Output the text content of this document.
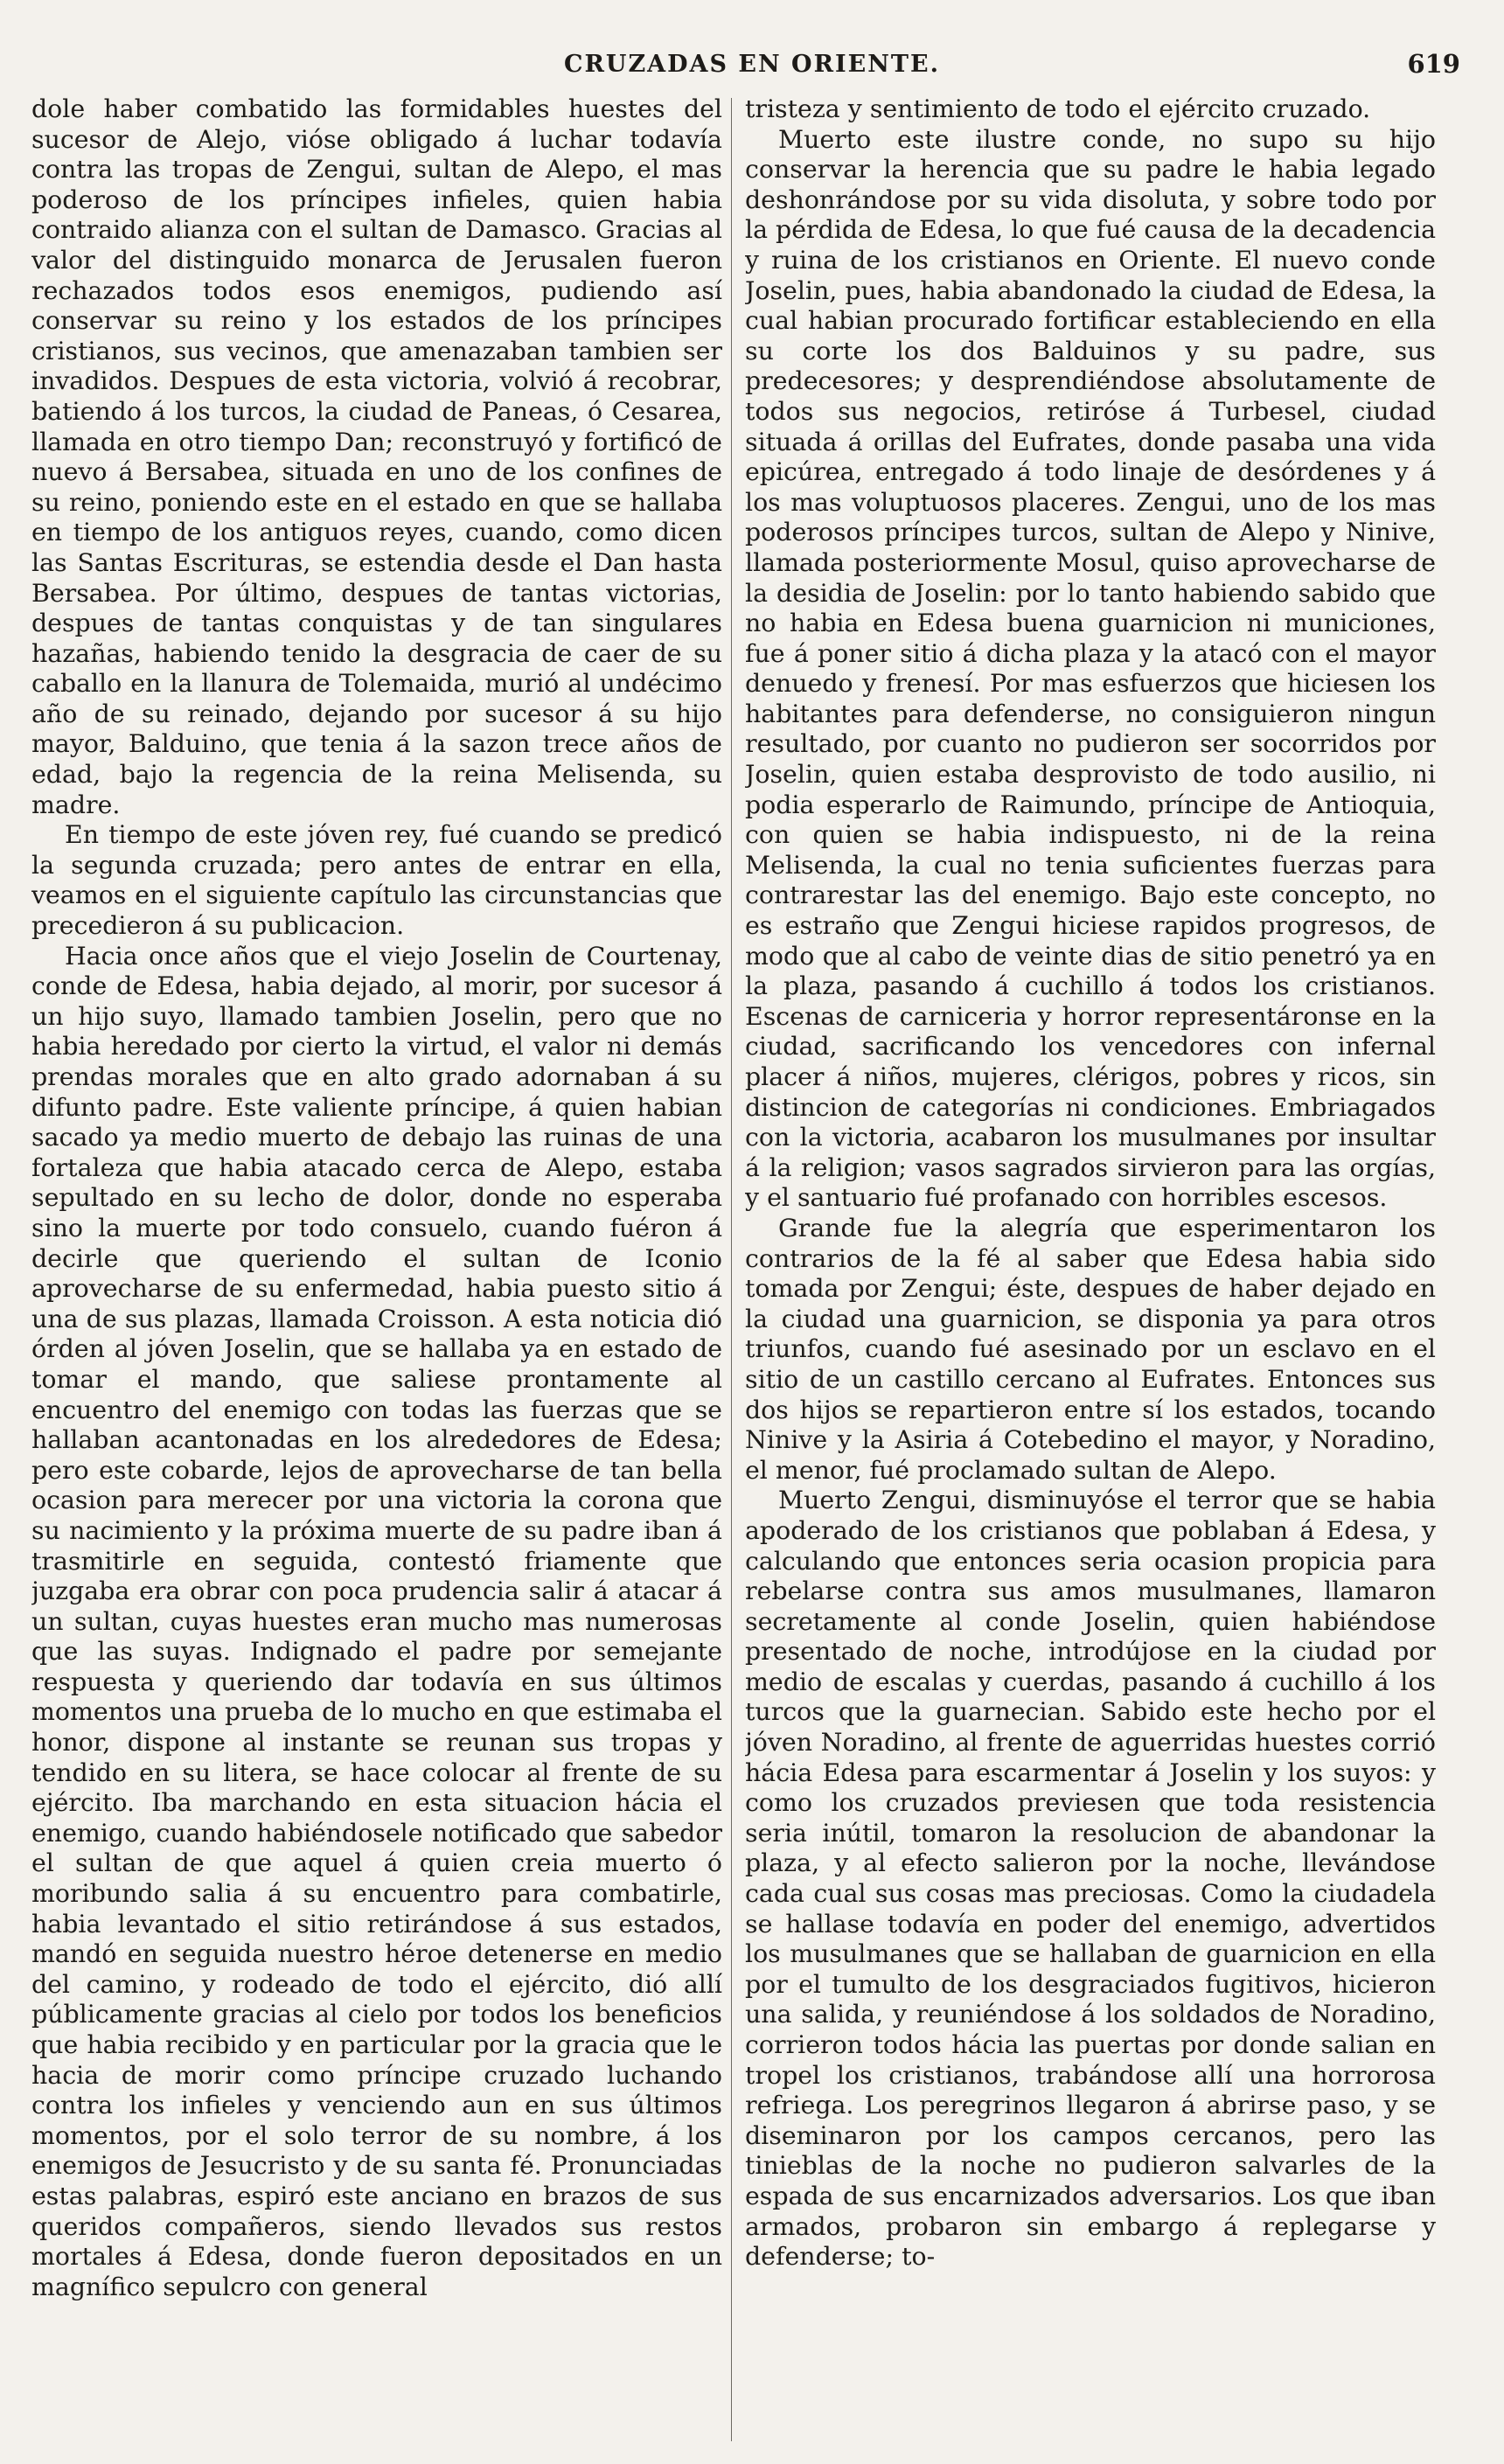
CRUZADAS EN ORIENTE.	619

dole haber combatido las formidables huestes del sucesor de Alejo, vióse obligado á luchar todavía contra las tropas de Zengui, sultan de Alepo, el mas poderoso de los príncipes infieles, quien habia contraido alianza con el sultan de Damasco. Gracias al valor del distinguido monarca de Jerusalen fueron rechazados todos esos enemigos, pudiendo así conservar su reino y los estados de los príncipes cristianos, sus vecinos, que amenazaban tambien ser invadidos. Despues de esta victoria, volvió á recobrar, batiendo á los turcos, la ciudad de Paneas, ó Cesarea, llamada en otro tiempo Dan; reconstruyó y fortificó de nuevo á Bersabea, situada en uno de los confines de su reino, poniendo este en el estado en que se hallaba en tiempo de los antiguos reyes, cuando, como dicen las Santas Escrituras, se estendia desde el Dan hasta Bersabea. Por último, despues de tantas victorias, despues de tantas conquistas y de tan singulares hazañas, habiendo tenido la desgracia de caer de su caballo en la llanura de Tolemaida, murió al undécimo año de su reinado, dejando por sucesor á su hijo mayor, Balduino, que tenia á la sazon trece años de edad, bajo la regencia de la reina Melisenda, su madre.

En tiempo de este jóven rey, fué cuando se predicó la segunda cruzada; pero antes de entrar en ella, veamos en el siguiente capítulo las circunstancias que precedieron á su publicacion.

Hacia once años que el viejo Joselin de Courtenay, conde de Edesa, habia dejado, al morir, por sucesor á un hijo suyo, llamado tambien Joselin, pero que no habia heredado por cierto la virtud, el valor ni demás prendas morales que en alto grado adornaban á su difunto padre. Este valiente príncipe, á quien habian sacado ya medio muerto de debajo las ruinas de una fortaleza que habia atacado cerca de Alepo, estaba sepultado en su lecho de dolor, donde no esperaba sino la muerte por todo consuelo, cuando fuéron á decirle que queriendo el sultan de Iconio aprovecharse de su enfermedad, habia puesto sitio á una de sus plazas, llamada Croisson. A esta noticia dió órden al jóven Joselin, que se hallaba ya en estado de tomar el mando, que saliese prontamente al encuentro del enemigo con todas las fuerzas que se hallaban acantonadas en los alrededores de Edesa; pero este cobarde, lejos de aprovecharse de tan bella ocasion para merecer por una victoria la corona que su nacimiento y la próxima muerte de su padre iban á trasmitirle en seguida, contestó friamente que juzgaba era obrar con poca prudencia salir á atacar á un sultan, cuyas huestes eran mucho mas numerosas que las suyas. Indignado el padre por semejante respuesta y queriendo dar todavía en sus últimos momentos una prueba de lo mucho en que estimaba el honor, dispone al instante se reunan sus tropas y tendido en su litera, se hace colocar al frente de su ejército. Iba marchando en esta situacion hácia el enemigo, cuando habiéndosele notificado que sabedor el sultan de que aquel á quien creia muerto ó moribundo salia á su encuentro para combatirle, habia levantado el sitio retirándose á sus estados, mandó en seguida nuestro héroe detenerse en medio del camino, y rodeado de todo el ejército, dió allí públicamente gracias al cielo por todos los beneficios que habia recibido y en particular por la gracia que le hacia de morir como príncipe cruzado luchando contra los infieles y venciendo aun en sus últimos momentos, por el solo terror de su nombre, á los enemigos de Jesucristo y de su santa fé. Pronunciadas estas palabras, espiró este anciano en brazos de sus queridos compañeros, siendo llevados sus restos mortales á Edesa, donde fueron depositados en un magnífico sepulcro con general

tristeza y sentimiento de todo el ejército cruzado.

Muerto este ilustre conde, no supo su hijo conservar la herencia que su padre le habia legado deshonrándose por su vida disoluta, y sobre todo por la pérdida de Edesa, lo que fué causa de la decadencia y ruina de los cristianos en Oriente. El nuevo conde Joselin, pues, habia abandonado la ciudad de Edesa, la cual habian procurado fortificar estableciendo en ella su corte los dos Balduinos y su padre, sus predecesores; y desprendiéndose absolutamente de todos sus negocios, retiróse á Turbesel, ciudad situada á orillas del Eufrates, donde pasaba una vida epicúrea, entregado á todo linaje de desórdenes y á los mas voluptuosos placeres. Zengui, uno de los mas poderosos príncipes turcos, sultan de Alepo y Ninive, llamada posteriormente Mosul, quiso aprovecharse de la desidia de Joselin: por lo tanto habiendo sabido que no habia en Edesa buena guarnicion ni municiones, fue á poner sitio á dicha plaza y la atacó con el mayor denuedo y frenesí. Por mas esfuerzos que hiciesen los habitantes para defenderse, no consiguieron ningun resultado, por cuanto no pudieron ser socorridos por Joselin, quien estaba desprovisto de todo ausilio, ni podia esperarlo de Raimundo, príncipe de Antioquia, con quien se habia indispuesto, ni de la reina Melisenda, la cual no tenia suficientes fuerzas para contrarestar las del enemigo. Bajo este concepto, no es estraño que Zengui hiciese rapidos progresos, de modo que al cabo de veinte dias de sitio penetró ya en la plaza, pasando á cuchillo á todos los cristianos. Escenas de carniceria y horror representáronse en la ciudad, sacrificando los vencedores con infernal placer á niños, mujeres, clérigos, pobres y ricos, sin distincion de categorías ni condiciones. Embriagados con la victoria, acabaron los musulmanes por insultar á la religion; vasos sagrados sirvieron para las orgías, y el santuario fué profanado con horribles escesos.

Grande fue la alegría que esperimentaron los contrarios de la fé al saber que Edesa habia sido tomada por Zengui; éste, despues de haber dejado en la ciudad una guarnicion, se disponia ya para otros triunfos, cuando fué asesinado por un esclavo en el sitio de un castillo cercano al Eufrates. Entonces sus dos hijos se repartieron entre sí los estados, tocando Ninive y la Asiria á Cotebedino el mayor, y Noradino, el menor, fué proclamado sultan de Alepo.

Muerto Zengui, disminuyóse el terror que se habia apoderado de los cristianos que poblaban á Edesa, y calculando que entonces seria ocasion propicia para rebelarse contra sus amos musulmanes, llamaron secretamente al conde Joselin, quien habiéndose presentado de noche, introdújose en la ciudad por medio de escalas y cuerdas, pasando á cuchillo á los turcos que la guarnecian. Sabido este hecho por el jóven Noradino, al frente de aguerridas huestes corrió hácia Edesa para escarmentar á Joselin y los suyos: y como los cruzados previesen que toda resistencia seria inútil, tomaron la resolucion de abandonar la plaza, y al efecto salieron por la noche, llevándose cada cual sus cosas mas preciosas. Como la ciudadela se hallase todavía en poder del enemigo, advertidos los musulmanes que se hallaban de guarnicion en ella por el tumulto de los desgraciados fugitivos, hicieron una salida, y reuniéndose á los soldados de Noradino, corrieron todos hácia las puertas por donde salian en tropel los cristianos, trabándose allí una horrorosa refriega. Los peregrinos llegaron á abrirse paso, y se diseminaron por los campos cercanos, pero las tinieblas de la noche no pudieron salvarles de la espada de sus encarnizados adversarios. Los que iban armados, probaron sin embargo á replegarse y defenderse; to-
